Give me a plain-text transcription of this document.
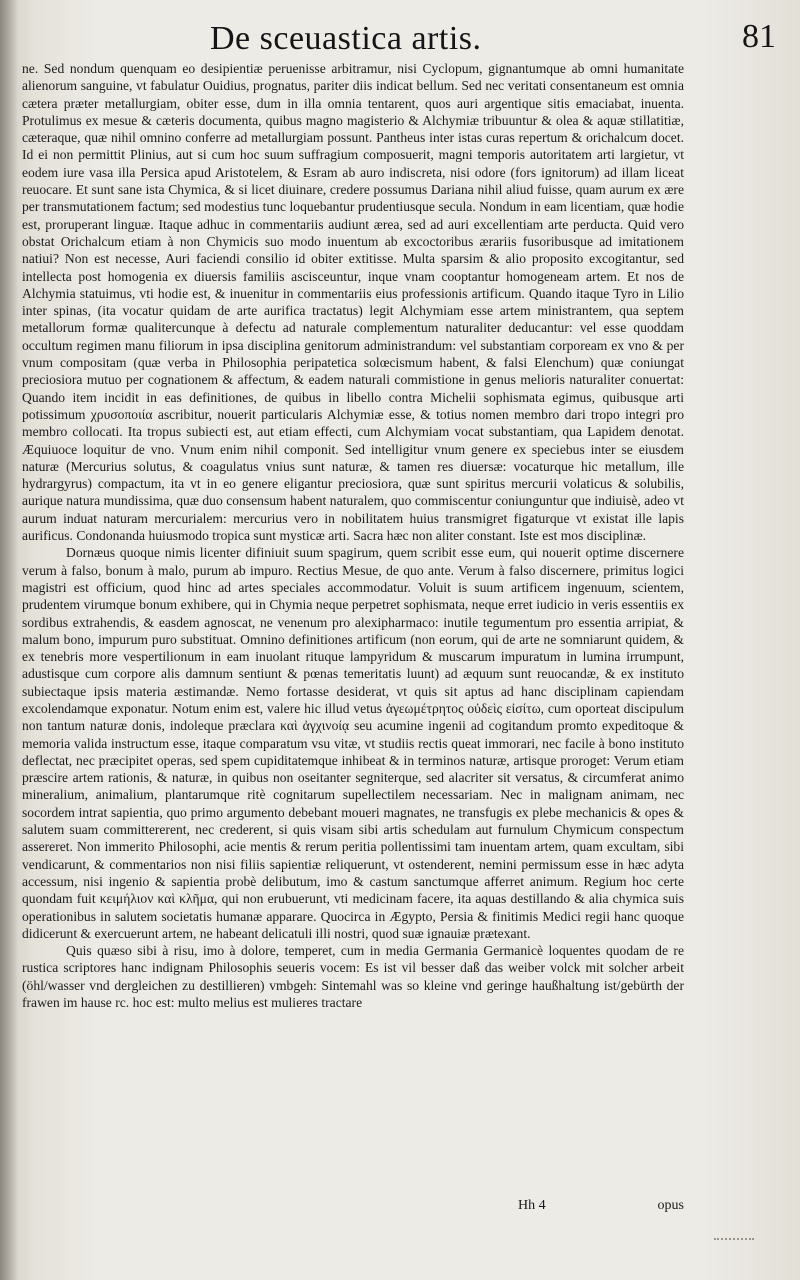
De sceuastica artis.	81

ne. Sed nondum quenquam eo desipientiæ peruenisse arbitramur, nisi Cyclopum, gignantumque ab omni humanitate alienorum sanguine, vt fabulatur Ouidius, prognatus, pariter diis indicat bellum. Sed nec veritati consentaneum est omnia cætera præter metallurgiam, obiter esse, dum in illa omnia tentarent, quos auri argentique sitis emaciabat, inuenta. Protulimus ex mesue & cæteris documenta, quibus magno magisterio & Alchymiæ tribuuntur & olea & aquæ stillatitiæ, cæteraque, quæ nihil omnino conferre ad metallurgiam possunt. Pantheus inter istas curas repertum & orichalcum docet. Id ei non permittit Plinius, aut si cum hoc suum suffragium composuerit, magni temporis autoritatem arti largietur, vt eodem iure vasa illa Persica apud Aristotelem, & Esram ab auro indiscreta, nisi odore (fors ignitorum) ad illam liceat reuocare. Et sunt sane ista Chymica, & si licet diuinare, credere possumus Dariana nihil aliud fuisse, quam aurum ex ære per transmutationem factum; sed modestius tunc loquebantur prudentiusque secula. Nondum in eam licentiam, quæ hodie est, proruperant linguæ. Itaque adhuc in commentariis audiunt ærea, sed ad auri excellentiam arte perducta. Quid vero obstat Orichalcum etiam à non Chymicis suo modo inuentum ab excoctoribus ærariis fusoribusque ad imitationem natiui? Non est necesse, Auri faciendi consilio id obiter extitisse. Multa sparsim & alio proposito excogitantur, sed intellecta post homogenia ex diuersis familiis ascisceuntur, inque vnam cooptantur homogeneam artem. Et nos de Alchymia statuimus, vti hodie est, & inuenitur in commentariis eius professionis artificum. Quando itaque Tyro in Lilio inter spinas, (ita vocatur quidam de arte aurifica tractatus) legit Alchymiam esse artem ministrantem, qua septem metallorum formæ qualitercunque à defectu ad naturale complementum naturaliter deducantur: vel esse quoddam occultum regimen manu filiorum in ipsa disciplina genitorum administrandum: vel substantiam corpoream ex vno & per vnum compositam (quæ verba in Philosophia peripatetica solœcismum habent, & falsi Elenchum) quæ coniungat preciosiora mutuo per cognationem & affectum, & eadem naturali commistione in genus melioris naturaliter conuertat: Quando item incidit in eas definitiones, de quibus in libello contra Michelii sophismata egimus, quibusque arti potissimum χρυσοποιία ascribitur, nouerit particularis Alchymiæ esse, & totius nomen membro dari tropo integri pro membro collocati. Ita tropus subiecti est, aut etiam effecti, cum Alchymiam vocat substantiam, qua Lapidem denotat. Æquiuoce loquitur de vno. Vnum enim nihil componit. Sed intelligitur vnum genere ex speciebus inter se eiusdem naturæ (Mercurius solutus, & coagulatus vnius sunt naturæ, & tamen res diuersæ: vocaturque hic metallum, ille hydrargyrus) compactum, ita vt in eo genere eligantur preciosiora, quæ sunt spiritus mercurii volaticus & solubilis, aurique natura mundissima, quæ duo consensum habent naturalem, quo commiscentur coniunguntur que indiuisè, adeo vt aurum induat naturam mercurialem: mercurius vero in nobilitatem huius transmigret figaturque vt existat ille lapis aurificus. Condonanda huiusmodo tropica sunt mysticæ arti. Sacra hæc non aliter constant. Iste est mos disciplinæ.

Dornæus quoque nimis licenter difiniuit suum spagirum, quem scribit esse eum, qui nouerit optime discernere verum à falso, bonum à malo, purum ab impuro. Rectius Mesue, de quo ante. Verum à falso discernere, primitus logici magistri est officium, quod hinc ad artes speciales accommodatur. Voluit is suum artificem ingenuum, scientem, prudentem virumque bonum exhibere, qui in Chymia neque perpetret sophismata, neque erret iudicio in veris essentiis ex sordibus extrahendis, & easdem agnoscat, ne venenum pro alexipharmaco: inutile tegumentum pro essentia arripiat, & malum bono, impurum puro substituat. Omnino definitiones artificum (non eorum, qui de arte ne somniarunt quidem, & ex tenebris more vespertilionum in eam inuolant rituque lampyridum & muscarum impuratum in lumina irrumpunt, adustisque cum corpore alis damnum sentiunt & pœnas temeritatis luunt) ad æquum sunt reuocandæ, & ex instituto subiectaque ipsis materia æstimandæ. Nemo fortasse desiderat, vt quis sit aptus ad hanc disciplinam capiendam excolendamque exponatur. Notum enim est, valere hic illud vetus ἀγεωμέτρητος οὐδεὶς εἰσίτω, cum oporteat discipulum non tantum naturæ donis, indoleque præclara καὶ ἀγχινοίᾳ seu acumine ingenii ad cogitandum promto expeditoque & memoria valida instructum esse, itaque comparatum vsu vitæ, vt studiis rectis queat immorari, nec facile à bono instituto deflectat, nec præcipitet operas, sed spem cupiditatemque inhibeat & in terminos naturæ, artisque proroget: Verum etiam præscire artem rationis, & naturæ, in quibus non oseitanter segniterque, sed alacriter sit versatus, & circumferat animo mineralium, animalium, plantarumque ritè cognitarum supellectilem necessariam. Nec in malignam animam, nec socordem intrat sapientia, quo primo argumento debebant moueri magnates, ne transfugis ex plebe mechanicis & opes & salutem suam committererent, nec crederent, si quis visam sibi artis schedulam aut furnulum Chymicum conspectum assereret. Non immerito Philosophi, acie mentis & rerum peritia pollentissimi tam inuentam artem, quam excultam, sibi vendicarunt, & commentarios non nisi filiis sapientiæ reliquerunt, vt ostenderent, nemini permissum esse in hæc adyta accessum, nisi ingenio & sapientia probè delibutum, imo & castum sanctumque afferret animum. Regium hoc certe quondam fuit κειμήλιον καὶ κλῆμα, qui non erubuerunt, vti medicinam facere, ita aquas destillando & alia chymica suis operationibus in salutem societatis humanæ apparare. Quocirca in Ægypto, Persia & finitimis Medici regii hanc quoque didicerunt & exercuerunt artem, ne habeant delicatuli illi nostri, quod suæ ignauiæ prætexant.

Quis quæso sibi à risu, imo à dolore, temperet, cum in media Germania Germanicè loquentes quodam de re rustica scriptores hanc indignam Philosophis seueris vocem: Es ist vil besser daß das weiber volck mit solcher arbeit (öhl/wasser vnd dergleichen zu destillieren) vmbgeh: Sintemahl was so kleine vnd geringe haußhaltung ist/gebürth der frawen im hause rc. hoc est: multo melius est mulieres tractare

Hh 4	opus
